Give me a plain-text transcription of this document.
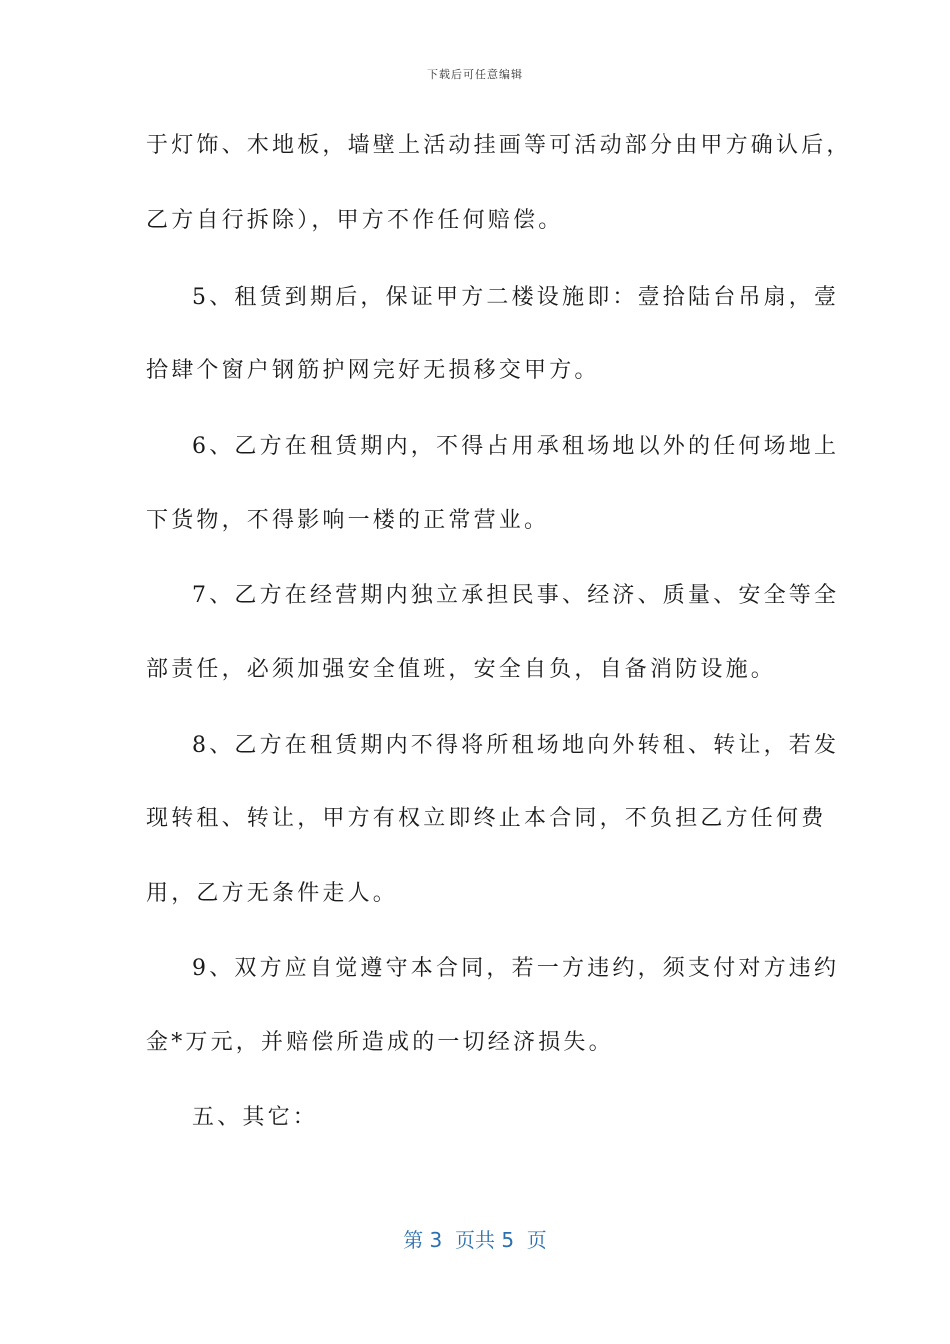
下载后可任意编辑
于灯饰、木地板，墙壁上活动挂画等可活动部分由甲方确认后，
乙方自行拆除），甲方不作任何赔偿。
5、租赁到期后，保证甲方二楼设施即：壹拾陆台吊扇，壹
拾肆个窗户钢筋护网完好无损移交甲方。
6、乙方在租赁期内，不得占用承租场地以外的任何场地上
下货物，不得影响一楼的正常营业。
7、乙方在经营期内独立承担民事、经济、质量、安全等全
部责任，必须加强安全值班，安全自负，自备消防设施。
8、乙方在租赁期内不得将所租场地向外转租、转让，若发
现转租、转让，甲方有权立即终止本合同，不负担乙方任何费
用，乙方无条件走人。
9、双方应自觉遵守本合同，若一方违约，须支付对方违约
金*万元，并赔偿所造成的一切经济损失。
五、其它：
第 3  页共 5  页
